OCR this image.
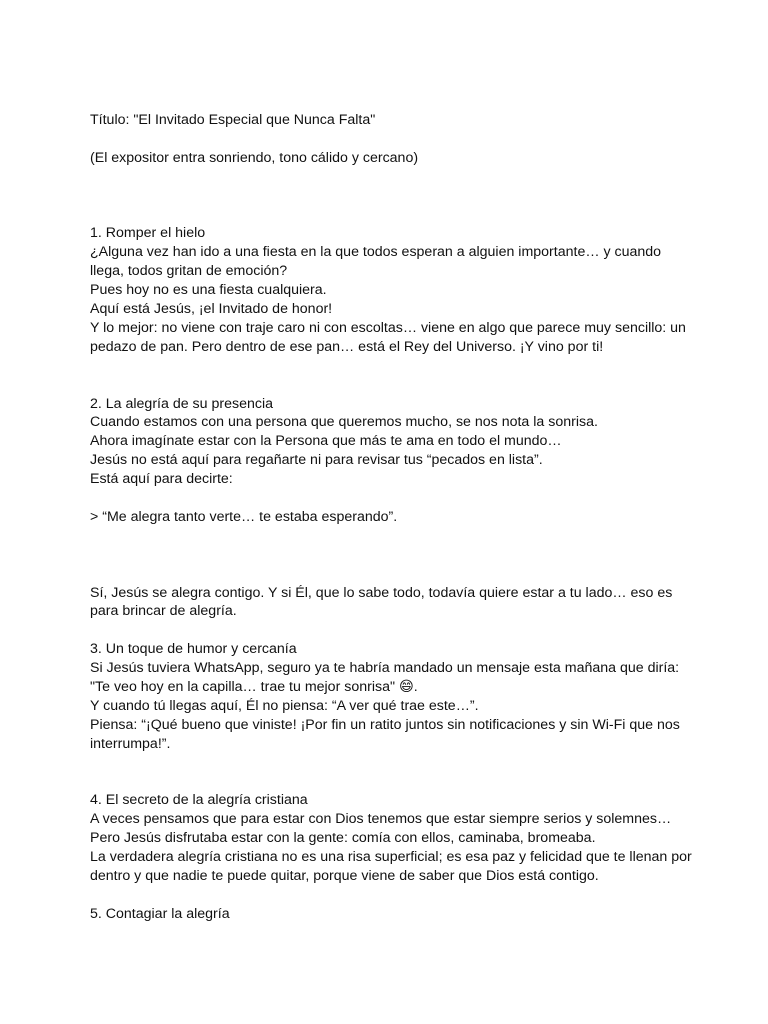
Título: "El Invitado Especial que Nunca Falta"

(El expositor entra sonriendo, tono cálido y cercano)

1. Romper el hielo

¿Alguna vez han ido a una fiesta en la que todos esperan a alguien importante… y cuando

llega, todos gritan de emoción?

Pues hoy no es una fiesta cualquiera.

Aquí está Jesús, ¡el Invitado de honor!

Y lo mejor: no viene con traje caro ni con escoltas… viene en algo que parece muy sencillo: un

pedazo de pan. Pero dentro de ese pan… está el Rey del Universo. ¡Y vino por ti!

2. La alegría de su presencia

Cuando estamos con una persona que queremos mucho, se nos nota la sonrisa.

Ahora imagínate estar con la Persona que más te ama en todo el mundo…

Jesús no está aquí para regañarte ni para revisar tus “pecados en lista”.

Está aquí para decirte:

> “Me alegra tanto verte… te estaba esperando”.

Sí, Jesús se alegra contigo. Y si Él, que lo sabe todo, todavía quiere estar a tu lado… eso es

para brincar de alegría.

3. Un toque de humor y cercanía

Si Jesús tuviera WhatsApp, seguro ya te habría mandado un mensaje esta mañana que diría:

"Te veo hoy en la capilla… trae tu mejor sonrisa" 😄.

Y cuando tú llegas aquí, Él no piensa: “A ver qué trae este…”.

Piensa: “¡Qué bueno que viniste! ¡Por fin un ratito juntos sin notificaciones y sin Wi-Fi que nos

interrumpa!”.

4. El secreto de la alegría cristiana

A veces pensamos que para estar con Dios tenemos que estar siempre serios y solemnes…

Pero Jesús disfrutaba estar con la gente: comía con ellos, caminaba, bromeaba.

La verdadera alegría cristiana no es una risa superficial; es esa paz y felicidad que te llenan por

dentro y que nadie te puede quitar, porque viene de saber que Dios está contigo.

5. Contagiar la alegría
